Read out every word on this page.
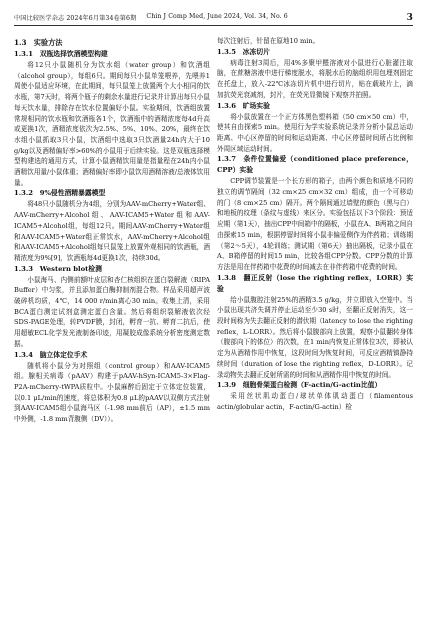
中国比较医学杂志 2024年6月第34卷第6期 Chin J Comp Med, June 2024, Vol. 34, No. 6	3
1.3　实验方法
1.3.1　双瓶选择饮酒模型构建

将12只小鼠随机分为饮水组（water group）和饮酒组（alcohol group），每组6只。期间每只小鼠单笼喂养，先喂养1周使小鼠适应环境，在此期间，每只鼠笼上放置两个大小相同的饮水瓶，第7天时，将两个瓶子的剩余水量进行记录并计算出每只小鼠每天饮水量，排除存在饮水位置偏好小鼠。实验期间，饮酒组放置常规相同的饮水瓶和饮酒瓶各1个，饮酒瓶中的酒精浓度每4d升高或更换1次，酒精浓度依次为2.5%、5%、10%、20%，最终在饮水组小鼠抓取3只小鼠，饮酒组中选取3只饮酒量24h内大于10 g/kg以及酒精偏好率>60%的小鼠用于后续实验。这是双瓶选择模型构建选的通用方式，计算小鼠酒精饮用量是指量程在24h内小鼠酒精饮用量/小鼠体重；酒精偏好率即小鼠饮用酒精溶液/总液体饮用量。

1.3.2　9%侵性酒精暴露模型

将48只小鼠随机分为4组，分别为AAV-mCherry+Water组、AAV-mCherry+Alcohol组、AAV-ICAM5+Water组和AAV-ICAM5+Alcohol组，每组12只。期间AAV-mCherry+Water组和AAV-ICAM5+Water组正常饮水，AAV-mCherry+Alcohol组和AAV-ICAM5+Alcohol组每只鼠笼上放置外观相同的饮酒瓶，酒精浓度为9%[9]，饮酒瓶每4d更换1次，持续30d。

1.3.3　Western blot检测

小鼠海马、内侧前额叶皮层和杏仁核组织在蛋白裂解液（RIPA Buffer）中匀浆，并且添加蛋白酶抑制剂混合物。样品采用超声波破碎机均质，4℃，14 000 r/min离心30 min。收集上清，采用BCA蛋白测定试剂盒测定蛋白含量。然后将组织裂解液依次经SDS-PAGE处理，转PVDF膜，封闭，孵育一抗、孵育二抗后，使用超敏ECL化学发光液制备印迹，用凝胶成像系统分析密度测定数据。

1.3.4　脑立体定位手术

随机将小鼠分为对照组（control group）和AAV-ICAM5组。腺相关病毒（pAAV）构建于pAAV-hSyn-ICAM5-3×Flag-P2A-mCherry-tWPA质粒中。小鼠麻醉后固定于立体定位装置，以0.1 μL/min的速度，将总体积为0.8 μL的pAAV以双侧方式注射到AAV-ICAM5组小鼠海马区（-1.98 mm前后（AP），±1.5 mm中外侧，-1.8 mm背腹侧（DV））。

每次注射后，针留在原地10 min。

1.3.5　冰冻切片

病毒注射3周后，用4%多聚甲醛溶液对小鼠进行心脏灌注取脑，在蔗糖溶液中进行梯度脱水，将脱水后的脑组织用包埋剂固定在托盘上，放入-22℃冰冻切片机中进行切片，贴在载玻片上，滴加抗荧光衰减剂，封片，在荧光显微镜下观察并拍照。

1.3.6　旷场实验

将小鼠放置在一个正方体黑色塑料箱（50 cm×50 cm）中，使其自由探索5 min。使用行为学实验系统记录并分析小鼠总运动距离、中心区停留的时间和运动距离、中心区停留时间所占比例和外周区域运动时间。

1.3.7　条件位置偏爱（conditioned place preference，CPP）实验

CPP调节装置是一个长方形的箱子，由两个颜色和质地不同的独立的调节隔间（32 cm×25 cm×32 cm）组成，由一个可移动的门（8 cm×25 cm）隔开。两个隔间通过墙壁的颜色（黑与白）和地板的纹理（条纹与虚线）来区分。实验包括以下3个阶段：预适应期（第1天），抽出CPP中间箱中的隔板，小鼠在A、B两箱之间自由探索15 min，根据停留时间将小鼠非偏爱侧作为伴药箱；训练期（第2～5天），4轮训练；测试期（第6天）抽出隔板，记录小鼠在A、B箱停留的时间15 min，比较各组CPP分数。CPP分数的计算方法是用在伴药箱中花费的时间减去在非伴药箱中花费的时间。

1.3.8　翻正反射（lose the righting reflex，LORR）实验

给小鼠腹腔注射25%的酒精3.5 g/kg，并立即放入空笼中。当小鼠出现共济失调并停止运动至少30 s时，至翻正反射消失，这一段时间称为失去翻正反射的潜伏期（latency to lose the righting reflex，L-LORR）。然后将小鼠腹部向上放置，观察小鼠翻转身体（腹部向下的体位）的次数，在1 min内恢复正常体位3次，即被认定为从酒精作用中恢复，这段时间为恢复时间，可反应酒精镇静持续时间（duration of lose the righting reflex，D-LORR）。记录动物失去翻正反射所需的时间和从酒精作用中恢复的时间。

1.3.9　细胞骨架蛋白检测（F-actin/G-actin比值）

采用丝状肌动蛋白/球状单体肌动蛋白（filamentous actin/globular actin，F-actin/G-actin）检
